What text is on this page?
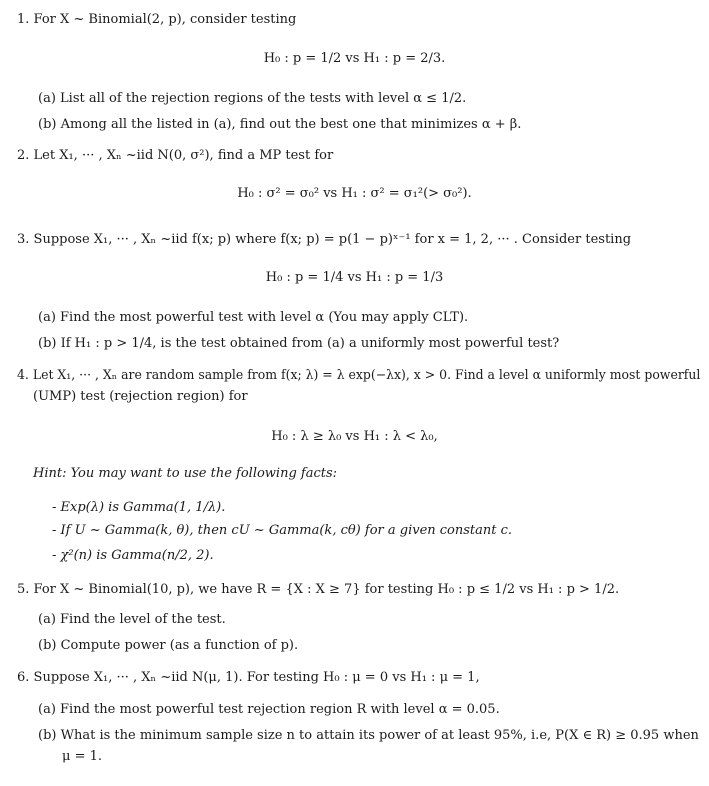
1. For X ~ Binomial(2, p), consider testing
H₀ : p = 1/2 vs H₁ : p = 2/3.
(a) List all of the rejection regions of the tests with level α ≤ 1/2.
(b) Among all the listed in (a), find out the best one that minimizes α + β.
2. Let X₁, ··· , Xₙ ~iid N(0, σ²), find a MP test for
H₀ : σ² = σ₀² vs H₁ : σ² = σ₁²(> σ₀²).
3. Suppose X₁, ··· , Xₙ ~iid f(x; p) where f(x; p) = p(1 − p)ˣ⁻¹ for x = 1, 2, ··· . Consider testing
H₀ : p = 1/4 vs H₁ : p = 1/3
(a) Find the most powerful test with level α (You may apply CLT).
(b) If H₁ : p > 1/4, is the test obtained from (a) a uniformly most powerful test?
4. Let X₁, ··· , Xₙ are random sample from f(x; λ) = λ exp(−λx), x > 0. Find a level α uniformly most powerful
(UMP) test (rejection region) for
H₀ : λ ≥ λ₀ vs H₁ : λ < λ₀,
Hint: You may want to use the following facts:
- Exp(λ) is Gamma(1, 1/λ).
- If U ~ Gamma(k, θ), then cU ~ Gamma(k, cθ) for a given constant c.
- χ²(n) is Gamma(n/2, 2).
5. For X ~ Binomial(10, p), we have R = {X : X ≥ 7} for testing H₀ : p ≤ 1/2 vs H₁ : p > 1/2.
(a) Find the level of the test.
(b) Compute power (as a function of p).
6. Suppose X₁, ··· , Xₙ ~iid N(μ, 1). For testing H₀ : μ = 0 vs H₁ : μ = 1,
(a) Find the most powerful test rejection region R with level α = 0.05.
(b) What is the minimum sample size n to attain its power of at least 95%, i.e, P(X ∈ R) ≥ 0.95 when
μ = 1.
